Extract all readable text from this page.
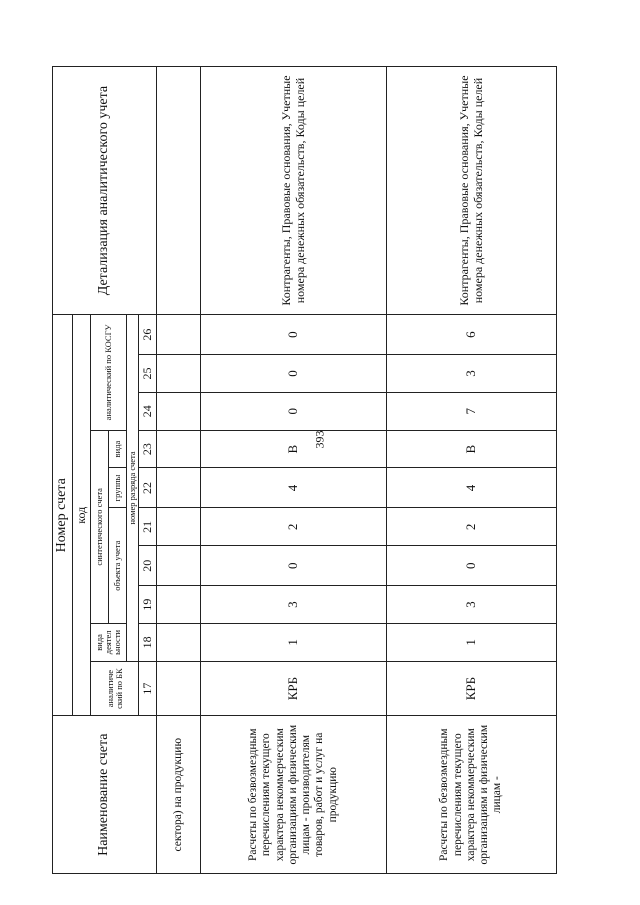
393
Наименование счета	Номер счета										Детализация аналитического учета
	код										
	аналитиче ский по БК	вида деятел ьности	синтетического счета					аналитический по КОСГУ			
			объекта учета			группы	вида				
		номер разряда счета									
	17	18	19	20	21	22	23	24	25	26	
сектора) на продукцию											
Расчеты по безвозмездным перечислениям текущего характера некоммерческим организациям и физическим лицам - производителям товаров, работ и услуг на продукцию	КРБ	1	3	0	2	4	В	0	0	0	Контрагенты, Правовые основания, Учетные номера денежных обязательств, Коды целей
Расчеты по безвозмездным перечислениям текущего характера некоммерческим организациям и физическим лицам -	КРБ	1	3	0	2	4	В	7	3	6	Контрагенты, Правовые основания, Учетные номера денежных обязательств, Коды целей
